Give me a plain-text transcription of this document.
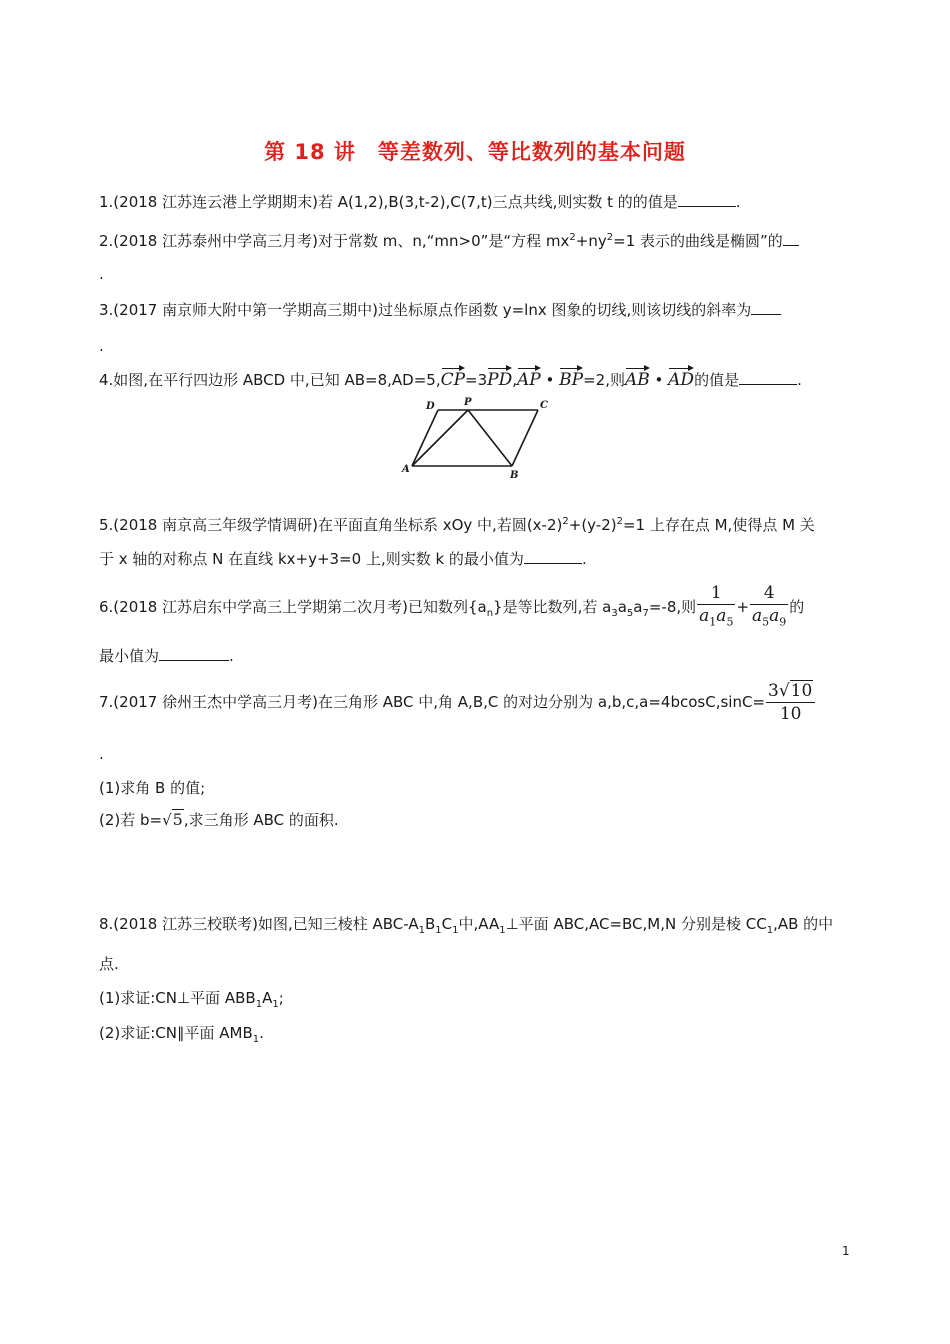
第 18 讲　等差数列、等比数列的基本问题
1.(2018 江苏连云港上学期期末)若 A(1,2),B(3,t-2),C(7,t)三点共线,则实数 t 的的值是	.
2.(2018 江苏泰州中学高三月考)对于常数 m、n,“mn>0”是“方程 $mx^2+ny^2=1$ 表示的曲线是椭圆”的
.
3.(2017 南京师大附中第一学期高三期中)过坐标原点作函数 y=lnx 图象的切线,则该切线的斜率为
.
4.如图,在平行四边形 ABCD 中,已知 AB=8,AD=5,CP=3PD,AP • BP=2,则AB • AD的值是	.
A
B
C
D	P
5.(2018 南京高三年级学情调研)在平面直角坐标系 xOy 中,若圆$(x-2)^2+(y-2)^2=1$ 上存在点 M,使得点 M 关
于 x 轴的对称点 N 在直线 kx+y+3=0 上,则实数 k 的最小值为	.
6.(2018 江苏启东中学高三上学期第二次月考)已知数列$\{a_n\}$是等比数列,若 $a_3a_5a_7=-8$,则 $\frac{1}{a_1a_5} + \frac{4}{a_5a_9}$ 的
最小值为	.
7.(2017 徐州王杰中学高三月考)在三角形 ABC 中,角 A,B,C 的对边分别为 $a,b,c,a=4bcosC,\sin C= \frac{3√10}{10}$
.
(1)求角 B 的值;
(2)若 b=√5,求三角形 ABC 的面积.
8.(2018 江苏三校联考)如图,已知三棱柱 ABC-$A_1B_1C_1$中$,AA_1\perp$平面 ABC,AC=BC,M,N 分别是棱 $CC_1,AB$ 的中
点.
(1)求证:CN⊥平面 $ABB_1A_1$;
(2)求证:CN∥平面 $AMB_1$.
1
